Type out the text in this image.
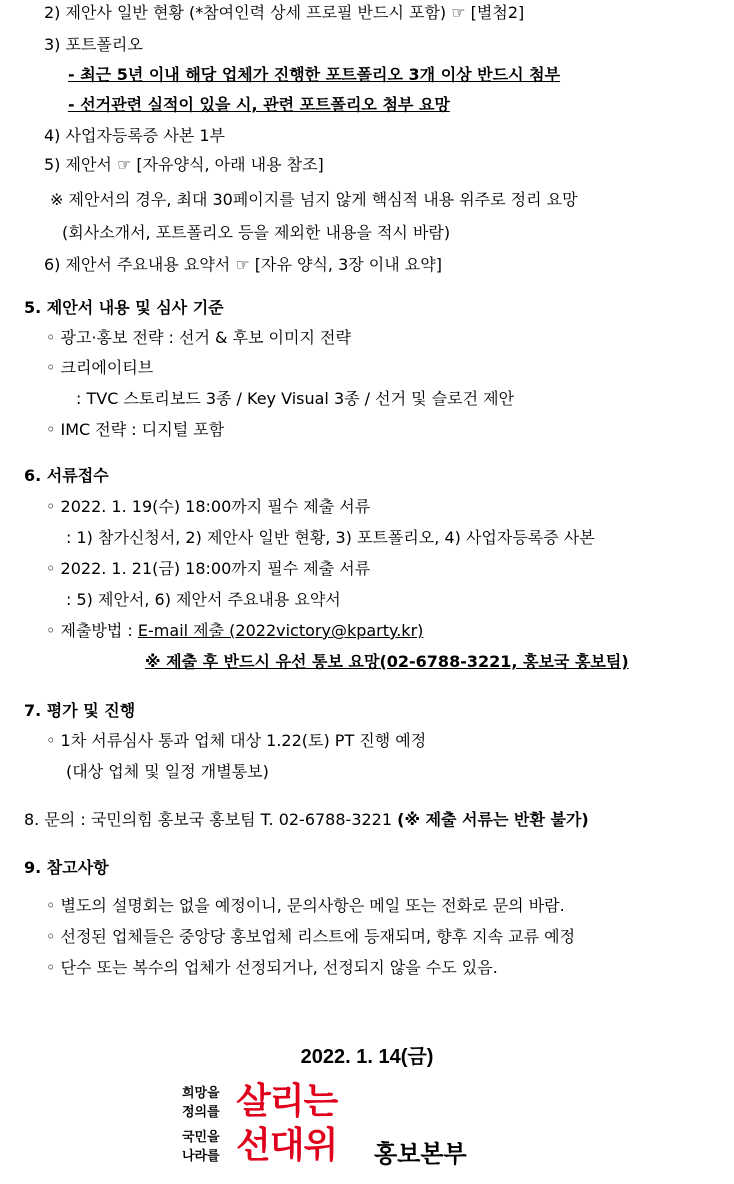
2) 제안사 일반 현황 (*참여인력 상세 프로필 반드시 포함) ☞ [별첨2]
3) 포트폴리오
- 최근 5년 이내 해당 업체가 진행한 포트폴리오 3개 이상 반드시 첨부
- 선거관련 실적이 있을 시, 관련 포트폴리오 첨부 요망
4) 사업자등록증 사본 1부
5) 제안서 ☞ [자유양식, 아래 내용 참조]
※ 제안서의 경우, 최대 30페이지를 넘지 않게 핵심적 내용 위주로 정리 요망
(회사소개서, 포트폴리오 등을 제외한 내용을 적시 바람)
6) 제안서 주요내용 요약서 ☞ [자유 양식, 3장 이내 요약]
5. 제안서 내용 및 심사 기준
◦ 광고·홍보 전략 : 선거 & 후보 이미지 전략
◦ 크리에이티브
: TVC 스토리보드 3종 / Key Visual 3종 / 선거 및 슬로건 제안
◦ IMC 전략 : 디지털 포함
6. 서류접수
◦ 2022. 1. 19(수) 18:00까지 필수 제출 서류
: 1) 참가신청서, 2) 제안사 일반 현황, 3) 포트폴리오, 4) 사업자등록증 사본
◦ 2022. 1. 21(금) 18:00까지 필수 제출 서류
: 5) 제안서, 6) 제안서 주요내용 요약서
◦ 제출방법 : E-mail 제출 (2022victory@kparty.kr)
※ 제출 후 반드시 유선 통보 요망(02-6788-3221, 홍보국 홍보팀)
7. 평가 및 진행
◦ 1차 서류심사 통과 업체 대상 1.22(토) PT 진행 예정
(대상 업체 및 일정 개별통보)
8. 문의 : 국민의힘 홍보국 홍보팀 T. 02-6788-3221 (※ 제출 서류는 반환 불가)
9. 참고사항
◦ 별도의 설명회는 없을 예정이니, 문의사항은 메일 또는 전화로 문의 바람.
◦ 선정된 업체들은 중앙당 홍보업체 리스트에 등재되며, 향후 지속 교류 예정
◦ 단수 또는 복수의 업체가 선정되거나, 선정되지 않을 수도 있음.
2022. 1. 14(금)
희망을
정의를
국민을
나라를
살리는
선대위 홍보본부
